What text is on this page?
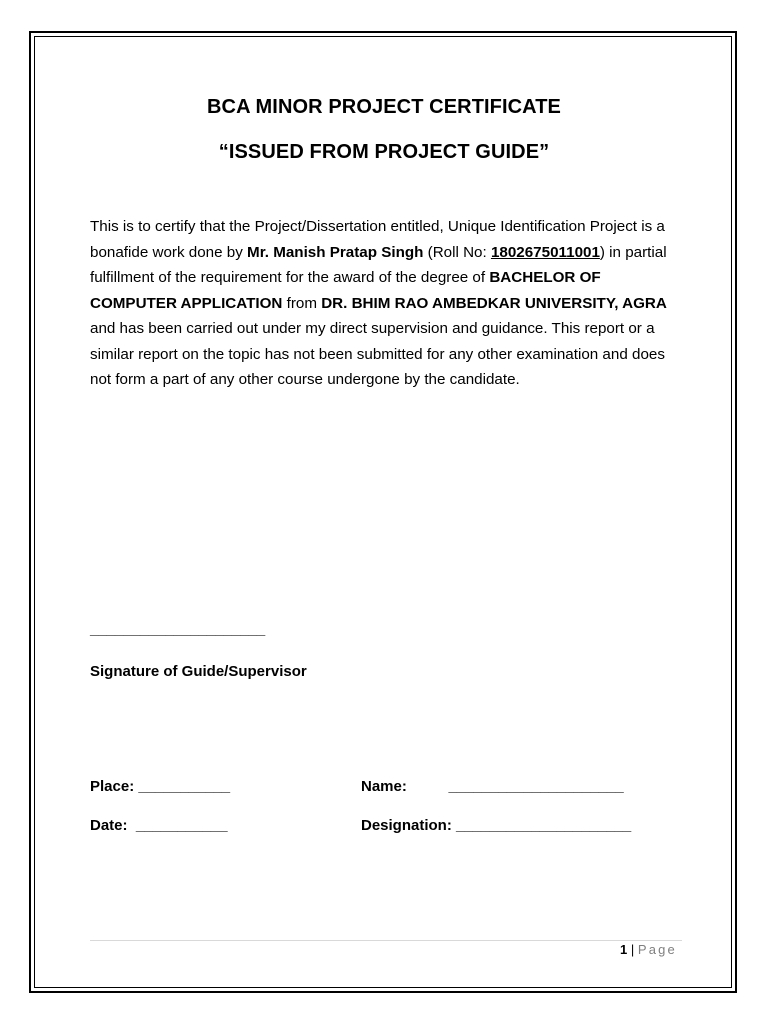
BCA MINOR PROJECT CERTIFICATE
“ISSUED FROM PROJECT GUIDE”
This is to certify that the Project/Dissertation entitled, Unique Identification Project is a bonafide work done by Mr. Manish Pratap Singh (Roll No: 1802675011001) in partial fulfillment of the requirement for the award of the degree of BACHELOR OF COMPUTER APPLICATION from DR. BHIM RAO AMBEDKAR UNIVERSITY, AGRA and has been carried out under my direct supervision and guidance. This report or a similar report on the topic has not been submitted for any other examination and does not form a part of any other course undergone by the candidate.
_____________________
Signature of Guide/Supervisor
Place: ___________
Date:  ___________
Name:          _____________________
Designation: _____________________
1 | Page
